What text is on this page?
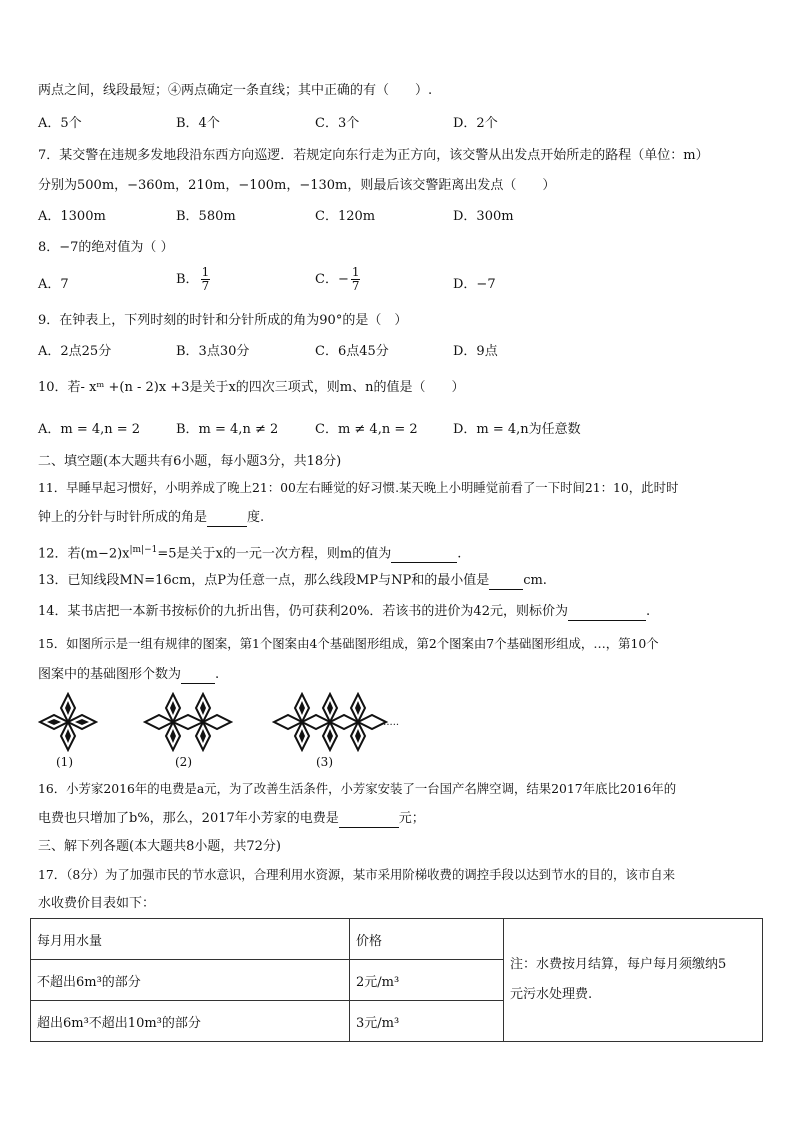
两点之间，线段最短；④两点确定一条直线；其中正确的有（　　）.
A．5个	B．4个	C．3个	D．2个
7．某交警在违规多发地段沿东西方向巡逻．若规定向东行走为正方向，该交警从出发点开始所走的路程（单位：m）
分别为500m，−360m，210m，−100m，−130m，则最后该交警距离出发点（　　）
A．1300m	B．580m	C．120m	D．300m
8．−7的绝对值为（ ）
A．7	B． $\frac{1}{7}$	C．− $\frac{1}{7}$	D．−7
9．在钟表上，下列时刻的时针和分针所成的角为90°的是（　）
A．2点25分	B．3点30分	C．6点45分	D．9点
10．若- xᵐ +(n - 2)x +3是关于x的四次三项式，则m、n的值是（　　）
A．m = 4,n = 2	B．m = 4,n ≠ 2	C．m ≠ 4,n = 2	D．m = 4,n为任意数
二、填空题(本大题共有6小题，每小题3分，共18分)
11．早睡早起习惯好，小明养成了晚上21：00左右睡觉的好习惯.某天晚上小明睡觉前看了一下时间21：10，此时时
钟上的分针与时针所成的角是	度.
12．若$(m-2)x^{|m|-1}=5$是关于x的一元一次方程，则m的值为	.
13．已知线段MN=16cm，点P为任意一点，那么线段MP与NP和的最小值是	cm.
14．某书店把一本新书按标价的九折出售，仍可获利20%．若该书的进价为42元，则标价为	.
15．如图所示是一组有规律的图案，第1个图案由4个基础图形组成，第2个图案由7个基础图形组成，…，第10个
图案中的基础图形个数为	.
......
(1)	(2)	(3)
16．小芳家2016年的电费是a元，为了改善生活条件，小芳家安装了一台国产名牌空调，结果2017年底比2016年的
电费也只增加了b%，那么，2017年小芳家的电费是	元；
三、解下列各题(本大题共8小题，共72分)
17．（8分）为了加强市民的节水意识，合理利用水资源，某市采用阶梯收费的调控手段以达到节水的目的，该市自来
水收费价目表如下：
每月用水量	价格	注：水费按月结算，每户每月须缴纳5
元污水处理费.

不超出6m³的部分	2元/m³	
超出6m³不超出10m³的部分	3元/m³	
